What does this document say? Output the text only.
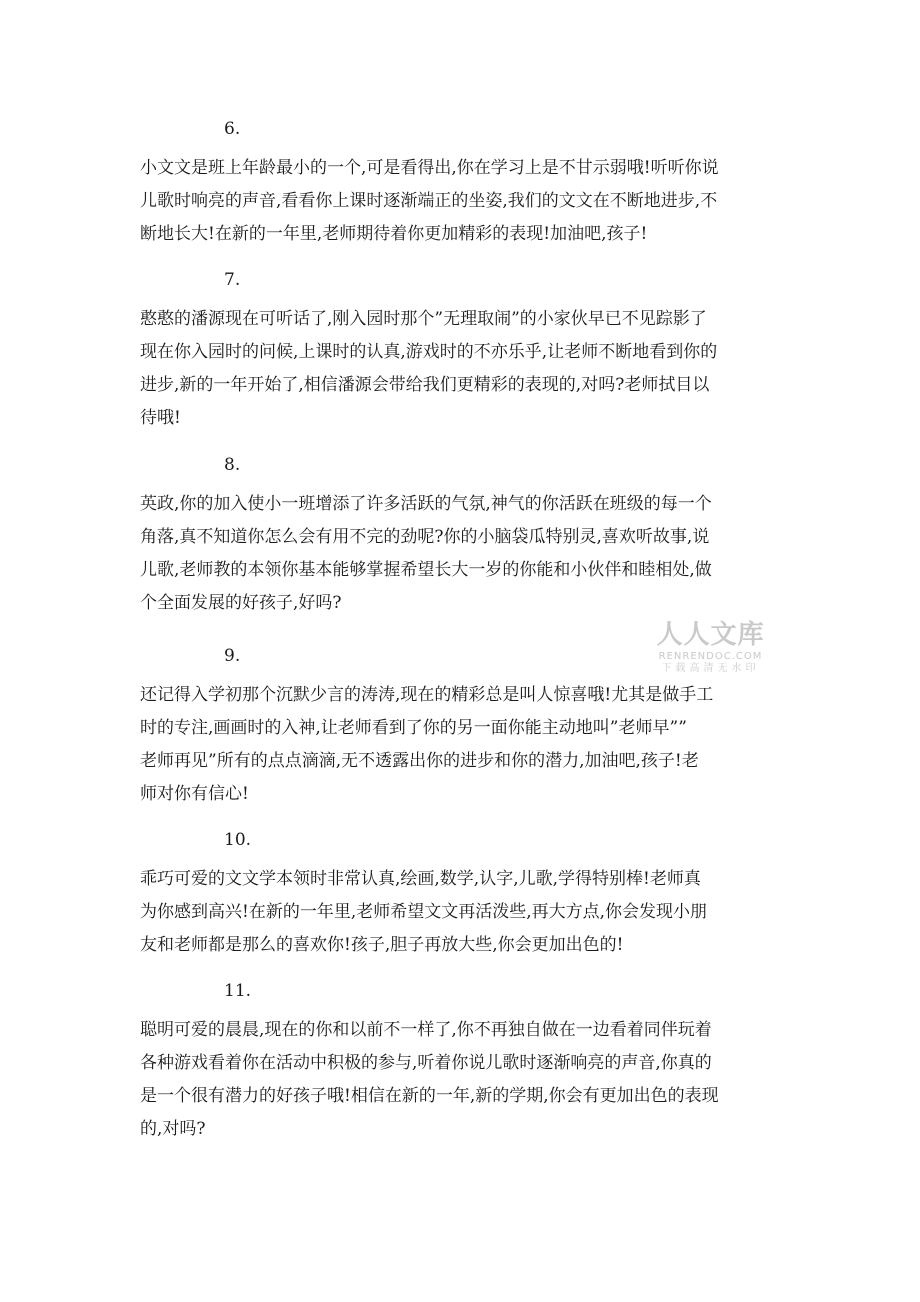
6.

小文文是班上年龄最小的一个,可是看得出,你在学习上是不甘示弱哦!听听你说
儿歌时响亮的声音,看看你上课时逐渐端正的坐姿,我们的文文在不断地进步,不
断地长大!在新的一年里,老师期待着你更加精彩的表现!加油吧,孩子!

7.

憨憨的潘源现在可听话了,刚入园时那个”无理取闹”的小家伙早已不见踪影了
现在你入园时的问候,上课时的认真,游戏时的不亦乐乎,让老师不断地看到你的
进步,新的一年开始了,相信潘源会带给我们更精彩的表现的,对吗?老师拭目以
待哦!

8.

英政,你的加入使小一班增添了许多活跃的气氛,神气的你活跃在班级的每一个
角落,真不知道你怎么会有用不完的劲呢?你的小脑袋瓜特别灵,喜欢听故事,说
儿歌,老师教的本领你基本能够掌握希望长大一岁的你能和小伙伴和睦相处,做
个全面发展的好孩子,好吗?

9.

还记得入学初那个沉默少言的涛涛,现在的精彩总是叫人惊喜哦!尤其是做手工
时的专注,画画时的入神,让老师看到了你的另一面你能主动地叫”老师早””
老师再见”所有的点点滴滴,无不透露出你的进步和你的潜力,加油吧,孩子!老
师对你有信心!

10.

乖巧可爱的文文学本领时非常认真,绘画,数学,认字,儿歌,学得特别棒!老师真
为你感到高兴!在新的一年里,老师希望文文再活泼些,再大方点,你会发现小朋
友和老师都是那么的喜欢你!孩子,胆子再放大些,你会更加出色的!

11.

聪明可爱的晨晨,现在的你和以前不一样了,你不再独自做在一边看着同伴玩着
各种游戏看着你在活动中积极的参与,听着你说儿歌时逐渐响亮的声音,你真的
是一个很有潜力的好孩子哦!相信在新的一年,新的学期,你会有更加出色的表现
的,对吗?

人人文库
RENRENDOC.COM
下载高清无水印
